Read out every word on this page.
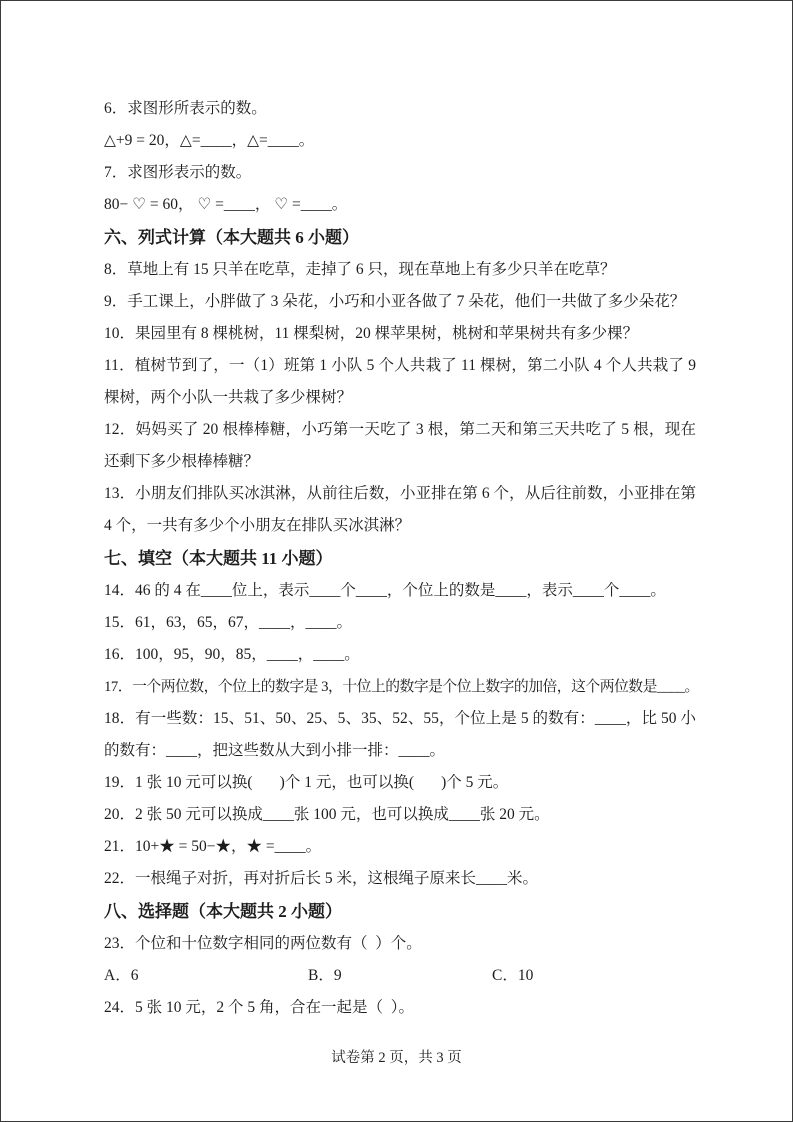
6．求图形所表示的数。

△+9 = 20，△=____，△=____。

7．求图形表示的数。

80− ♡ = 60， ♡ =____， ♡ =____。

六、列式计算（本大题共 6 小题）

8．草地上有 15 只羊在吃草，走掉了 6 只，现在草地上有多少只羊在吃草？

9．手工课上，小胖做了 3 朵花，小巧和小亚各做了 7 朵花，他们一共做了多少朵花？

10．果园里有 8 棵桃树，11 棵梨树，20 棵苹果树，桃树和苹果树共有多少棵？

11．植树节到了，一（1）班第 1 小队 5 个人共栽了 11 棵树，第二小队 4 个人共栽了 9 棵树，两个小队一共栽了多少棵树？

12．妈妈买了 20 根棒棒糖，小巧第一天吃了 3 根，第二天和第三天共吃了 5 根，现在还剩下多少根棒棒糖？

13．小朋友们排队买冰淇淋，从前往后数，小亚排在第 6 个，从后往前数，小亚排在第 4 个，一共有多少个小朋友在排队买冰淇淋？

七、填空（本大题共 11 小题）

14．46 的 4 在____位上，表示____个____，个位上的数是____，表示____个____。

15．61，63，65，67，____，____。

16．100，95，90，85，____，____。

17．一个两位数，个位上的数字是 3，十位上的数字是个位上数字的加倍，这个两位数是____。

18．有一些数：15、51、50、25、5、35、52、55，个位上是 5 的数有：____，比 50 小的数有：____，把这些数从大到小排一排：____。

19．1 张 10 元可以换(       )个 1 元，也可以换(       )个 5 元。

20．2 张 50 元可以换成____张 100 元，也可以换成____张 20 元。

21．10+★ = 50−★，★ =____。

22．一根绳子对折，再对折后长 5 米，这根绳子原来长____米。

八、选择题（本大题共 2 小题）

23．个位和十位数字相同的两位数有（  ）个。

A．6	B．9	C．10

24．5 张 10 元，2 个 5 角，合在一起是（  ）。

试卷第 2 页，共 3 页
